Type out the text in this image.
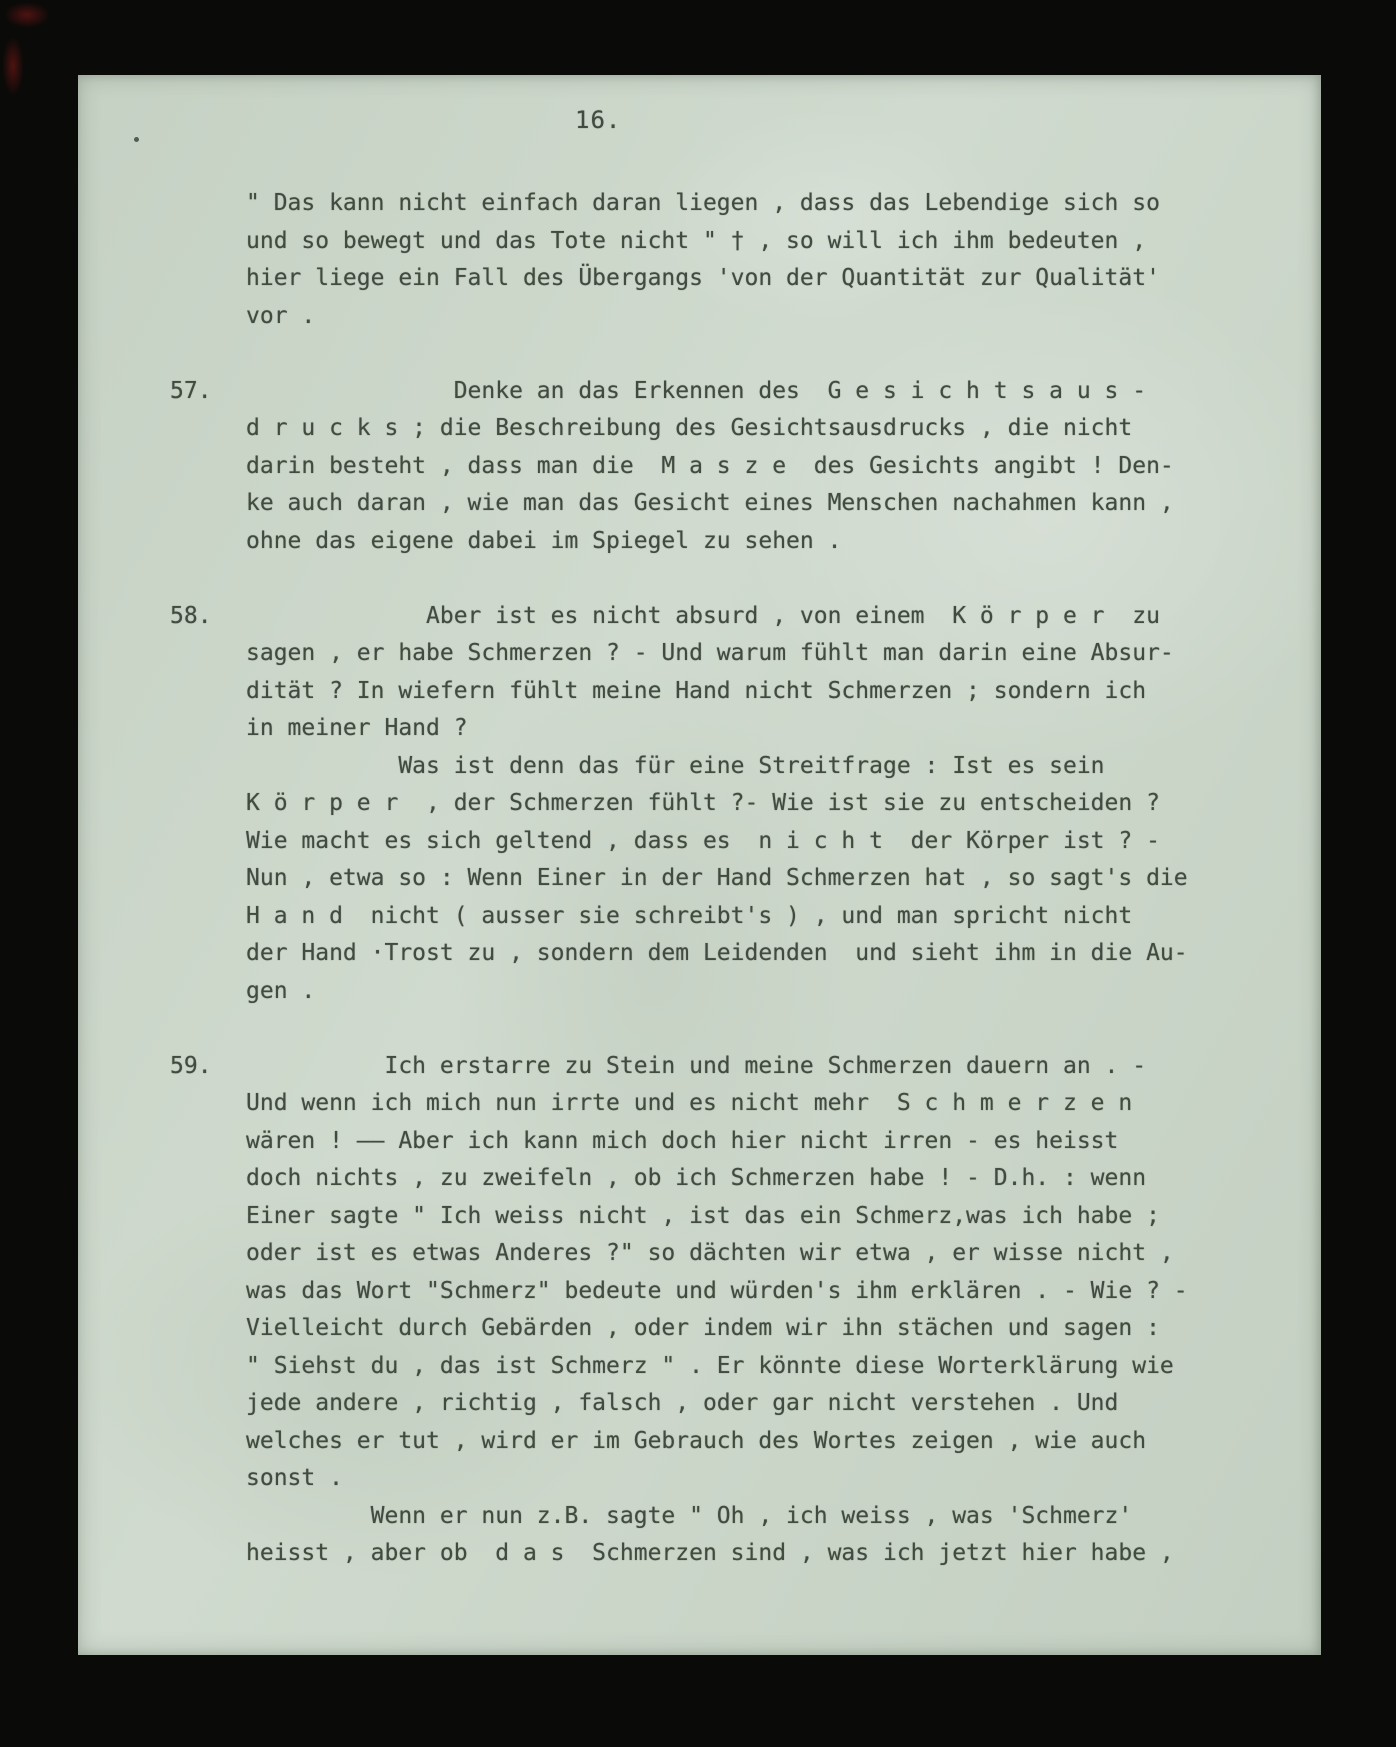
16.
" Das kann nicht einfach daran liegen , dass das Lebendige sich so
und so bewegt und das Tote nicht " † , so will ich ihm bedeuten ,
hier liege ein Fall des Übergangs 'von der Quantität zur Qualität'
vor .
57. Denke an das Erkennen des  G e s i c h t s a u s -
d r u c k s ; die Beschreibung des Gesichtsausdrucks , die nicht
darin besteht , dass man die  M a s z e  des Gesichts angibt ! Den-
ke auch daran , wie man das Gesicht eines Menschen nachahmen kann ,
ohne das eigene dabei im Spiegel zu sehen .
58. Aber ist es nicht absurd , von einem  K ö r p e r  zu
sagen , er habe Schmerzen ? - Und warum fühlt man darin eine Absur-
dität ? In wiefern fühlt meine Hand nicht Schmerzen ; sondern ich
in meiner Hand ?
Was ist denn das für eine Streitfrage : Ist es sein
K ö r p e r  , der Schmerzen fühlt ?- Wie ist sie zu entscheiden ?
Wie macht es sich geltend , dass es  n i c h t  der Körper ist ? -
Nun , etwa so : Wenn Einer in der Hand Schmerzen hat , so sagt's die
H a n d  nicht ( ausser sie schreibt's ) , und man spricht nicht
der Hand ·Trost zu , sondern dem Leidenden  und sieht ihm in die Au-
gen .
59. Ich erstarre zu Stein und meine Schmerzen dauern an . -
Und wenn ich mich nun irrte und es nicht mehr  S c h m e r z e n
wären ! —— Aber ich kann mich doch hier nicht irren - es heisst
doch nichts , zu zweifeln , ob ich Schmerzen habe ! - D.h. : wenn
Einer sagte " Ich weiss nicht , ist das ein Schmerz,was ich habe ;
oder ist es etwas Anderes ?" so dächten wir etwa , er wisse nicht ,
was das Wort "Schmerz" bedeute und würden's ihm erklären . - Wie ? -
Vielleicht durch Gebärden , oder indem wir ihn stächen und sagen :
" Siehst du , das ist Schmerz " . Er könnte diese Worterklärung wie
jede andere , richtig , falsch , oder gar nicht verstehen . Und
welches er tut , wird er im Gebrauch des Wortes zeigen , wie auch
sonst .
Wenn er nun z.B. sagte " Oh , ich weiss , was 'Schmerz'
heisst , aber ob  d a s  Schmerzen sind , was ich jetzt hier habe ,
